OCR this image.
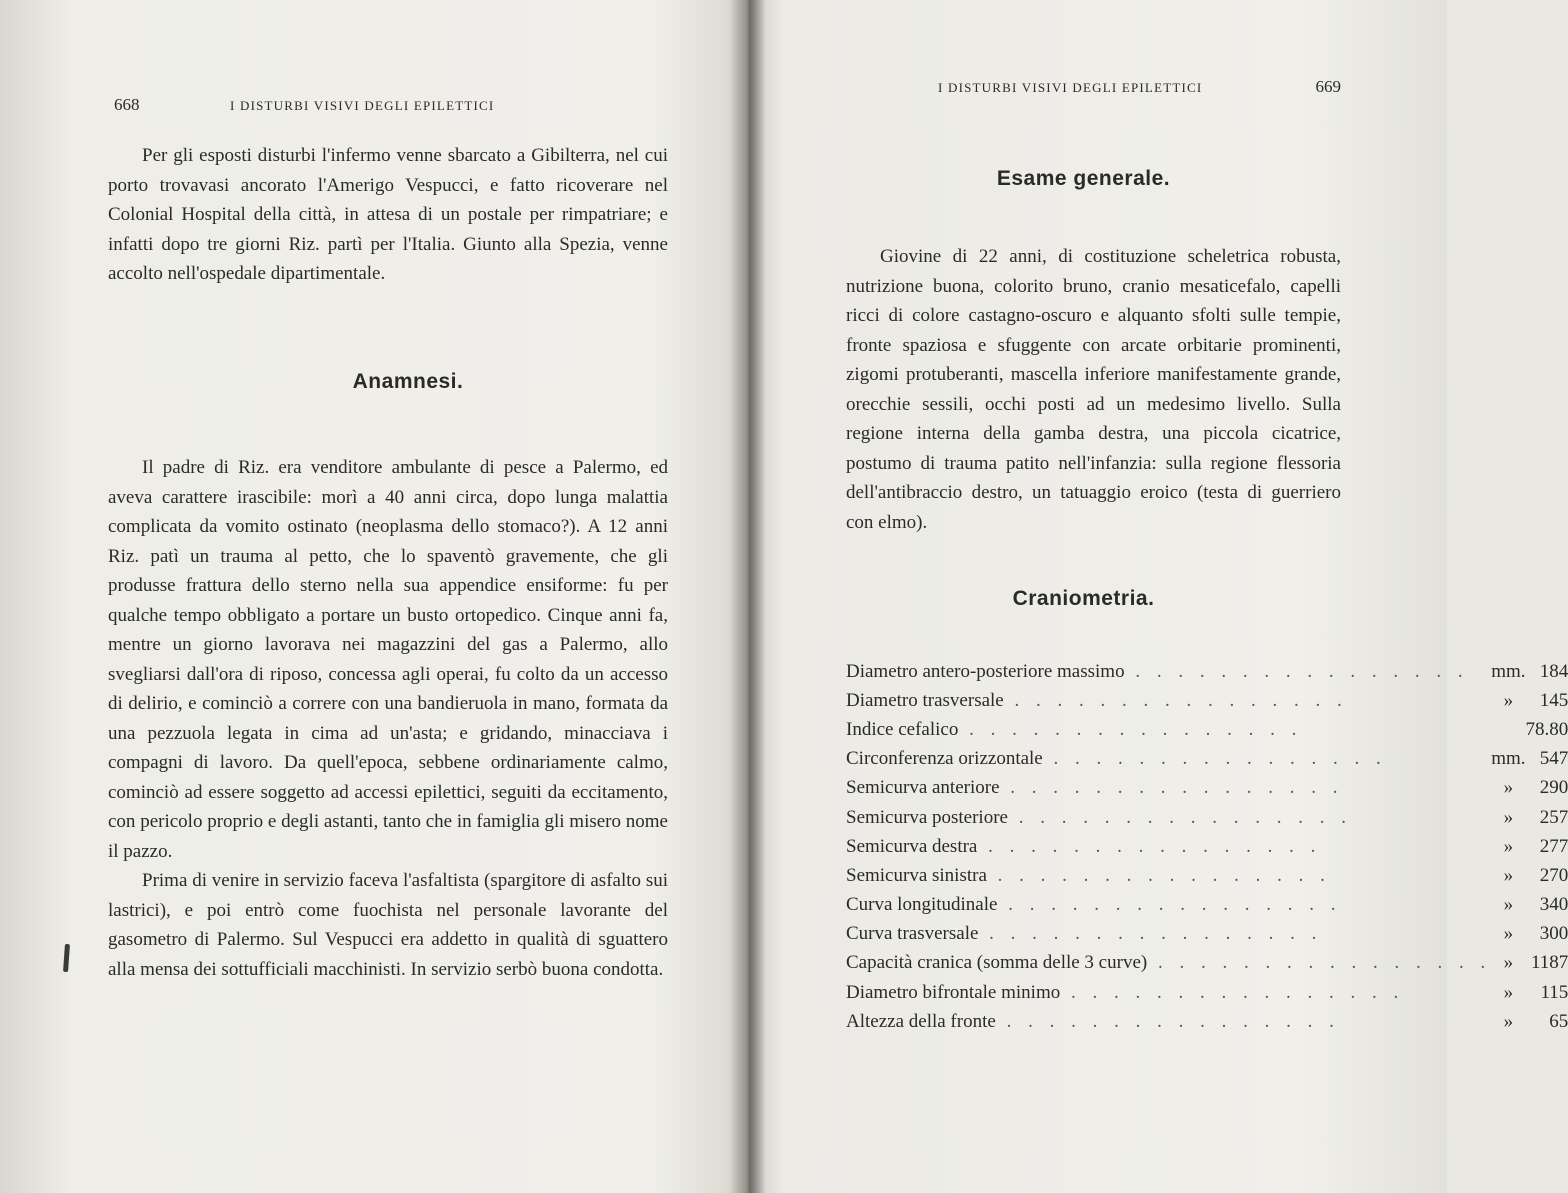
668	I DISTURBI VISIVI DEGLI EPILETTICI

Per gli esposti disturbi l'infermo venne sbarcato a Gibilterra, nel cui porto trovavasi ancorato l'Amerigo Vespucci, e fatto ricoverare nel Colonial Hospital della città, in attesa di un postale per rimpatriare; e infatti dopo tre giorni Riz. partì per l'Italia. Giunto alla Spezia, venne accolto nell'ospedale dipartimentale.

Anamnesi.

Il padre di Riz. era venditore ambulante di pesce a Palermo, ed aveva carattere irascibile: morì a 40 anni circa, dopo lunga malattia complicata da vomito ostinato (neoplasma dello stomaco?). A 12 anni Riz. patì un trauma al petto, che lo spaventò gravemente, che gli produsse frattura dello sterno nella sua appendice ensiforme: fu per qualche tempo obbligato a portare un busto ortopedico. Cinque anni fa, mentre un giorno lavorava nei magazzini del gas a Palermo, allo svegliarsi dall'ora di riposo, concessa agli operai, fu colto da un accesso di delirio, e cominciò a correre con una bandieruola in mano, formata da una pezzuola legata in cima ad un'asta; e gridando, minacciava i compagni di lavoro. Da quell'epoca, sebbene ordinariamente calmo, cominciò ad essere soggetto ad accessi epilettici, seguiti da eccitamento, con pericolo proprio e degli astanti, tanto che in famiglia gli misero nome il pazzo.

Prima di venire in servizio faceva l'asfaltista (spargitore di asfalto sui lastrici), e poi entrò come fuochista nel personale lavorante del gasometro di Palermo. Sul Vespucci era addetto in qualità di sguattero alla mensa dei sottufficiali macchinisti. In servizio serbò buona condotta.

I DISTURBI VISIVI DEGLI EPILETTICI	669
Esame generale.

Giovine di 22 anni, di costituzione scheletrica robusta, nutrizione buona, colorito bruno, cranio mesaticefalo, capelli ricci di colore castagno-oscuro e alquanto sfolti sulle tempie, fronte spaziosa e sfuggente con arcate orbitarie prominenti, zigomi protuberanti, mascella inferiore manifestamente grande, orecchie sessili, occhi posti ad un medesimo livello. Sulla regione interna della gamba destra, una piccola cicatrice, postumo di trauma patito nell'infanzia: sulla regione flessoria dell'antibraccio destro, un tatuaggio eroico (testa di guerriero con elmo).

Craniometria.
Diametro antero-posteriore massimo . . . . . . . . . . . . . . . .	mm.	184
Diametro trasversale . . . . . . . . . . . . . . . .	»	145
Indice cefalico . . . . . . . . . . . . . . . .		78.80
Circonferenza orizzontale . . . . . . . . . . . . . . . .	mm.	547
Semicurva anteriore . . . . . . . . . . . . . . . .	»	290
Semicurva posteriore . . . . . . . . . . . . . . . .	»	257
Semicurva destra . . . . . . . . . . . . . . . .	»	277
Semicurva sinistra . . . . . . . . . . . . . . . .	»	270
Curva longitudinale . . . . . . . . . . . . . . . .	»	340
Curva trasversale . . . . . . . . . . . . . . . .	»	300
Capacità cranica (somma delle 3 curve) . . . . . . . . . . . . . . . .	»	1187
Diametro bifrontale minimo . . . . . . . . . . . . . . . .	»	115
Altezza della fronte . . . . . . . . . . . . . . . .	»	65
